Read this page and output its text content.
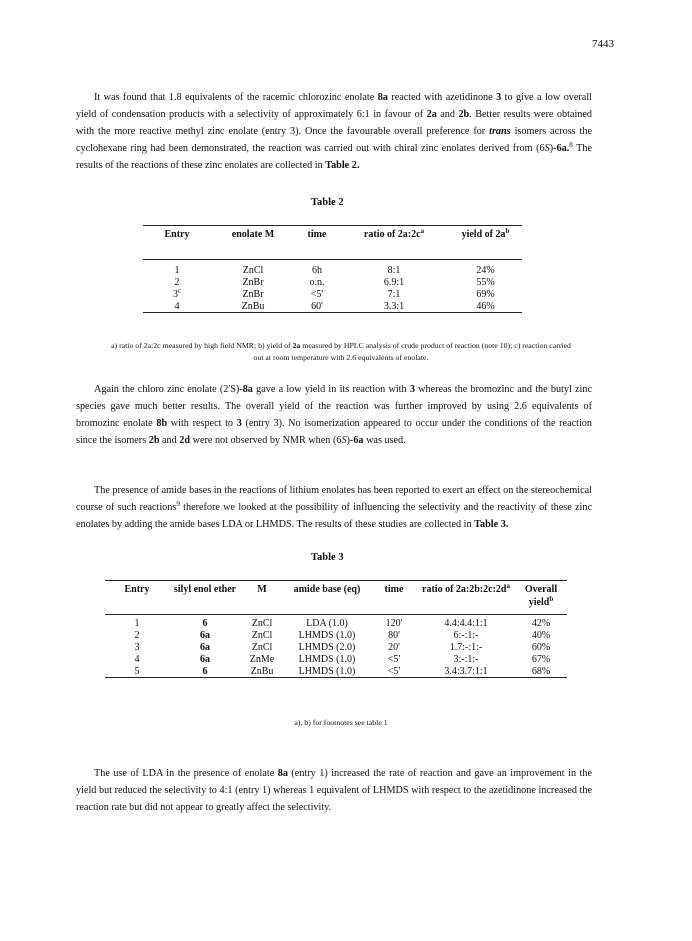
7443

It was found that 1.8 equivalents of the racemic chlorozinc enolate 8a reacted with azetidinone 3 to give a low overall yield of condensation products with a selectivity of approximately 6:1 in favour of 2a and 2b. Better results were obtained with the more reactive methyl zinc enolate (entry 3). Once the favourable overall preference for trans isomers across the cyclohexane ring had been demonstrated, the reaction was carried out with chiral zinc enolates derived from (6S)-6a.$^8$ The results of the reactions of these zinc enolates are collected in Table 2.

Table 2
Entry	enolate M	time	ratio of $2a:2c^a$	yield of $2a^b$
1	ZnCl	6h	8:1	24%
2	ZnBr	o.n.	6.9:1	55%
3$^c$	ZnBr	<5'	7:1	69%
4	ZnBu	60'	3.3:1	46%

a) ratio of 2a:2c measured by high field NMR; b) yield of 2a measured by HPLC analysis of crude product of reaction (note 10); c) reaction carried out at room temperature with 2.6 equivalents of enolate.

Again the chloro zinc enolate (2'S)-8a gave a low yield in its reaction with 3 whereas the bromozinc and the butyl zinc species gave much better results. The overall yield of the reaction was further improved by using 2.6 equivalents of bromozinc enolate 8b with respect to 3 (entry 3). No isomerization appeared to occur under the conditions of the reaction since the isomers 2b and 2d were not observed by NMR when (6S)-6a was used.

The presence of amide bases in the reactions of lithium enolates has been reported to exert an effect on the stereochemical course of such reactions$^9$ therefore we looked at the possibility of influencing the selectivity and the reactivity of these zinc enolates by adding the amide bases LDA or LHMDS. The results of these studies are collected in Table 3.

Table 3
Entry	silyl enol ether	M	amide base (eq)	time	ratio of $2a:2b:2c:2d^a$	Overall yield$^b$
1	6	ZnCl	LDA (1.0)	120'	4.4:4.4:1:1	42%
2	6a	ZnCl	LHMDS (1.0)	80'	6:-:1:-	40%
3	6a	ZnCl	LHMDS (2.0)	20'	1.7:-:1:-	60%
4	6a	ZnMe	LHMDS (1.0)	<5'	3:-:1:-	67%
5	6	ZnBu	LHMDS (1.0)	<5'	3.4:3.7:1:1	68%

a), b) for footnotes see table 1

The use of LDA in the presence of enolate 8a (entry 1) increased the rate of reaction and gave an improvement in the yield but reduced the selectivity to 4:1 (entry 1) whereas 1 equivalent of LHMDS with respect to the azetidinone increased the reaction rate but did not appear to greatly affect the selectivity.
